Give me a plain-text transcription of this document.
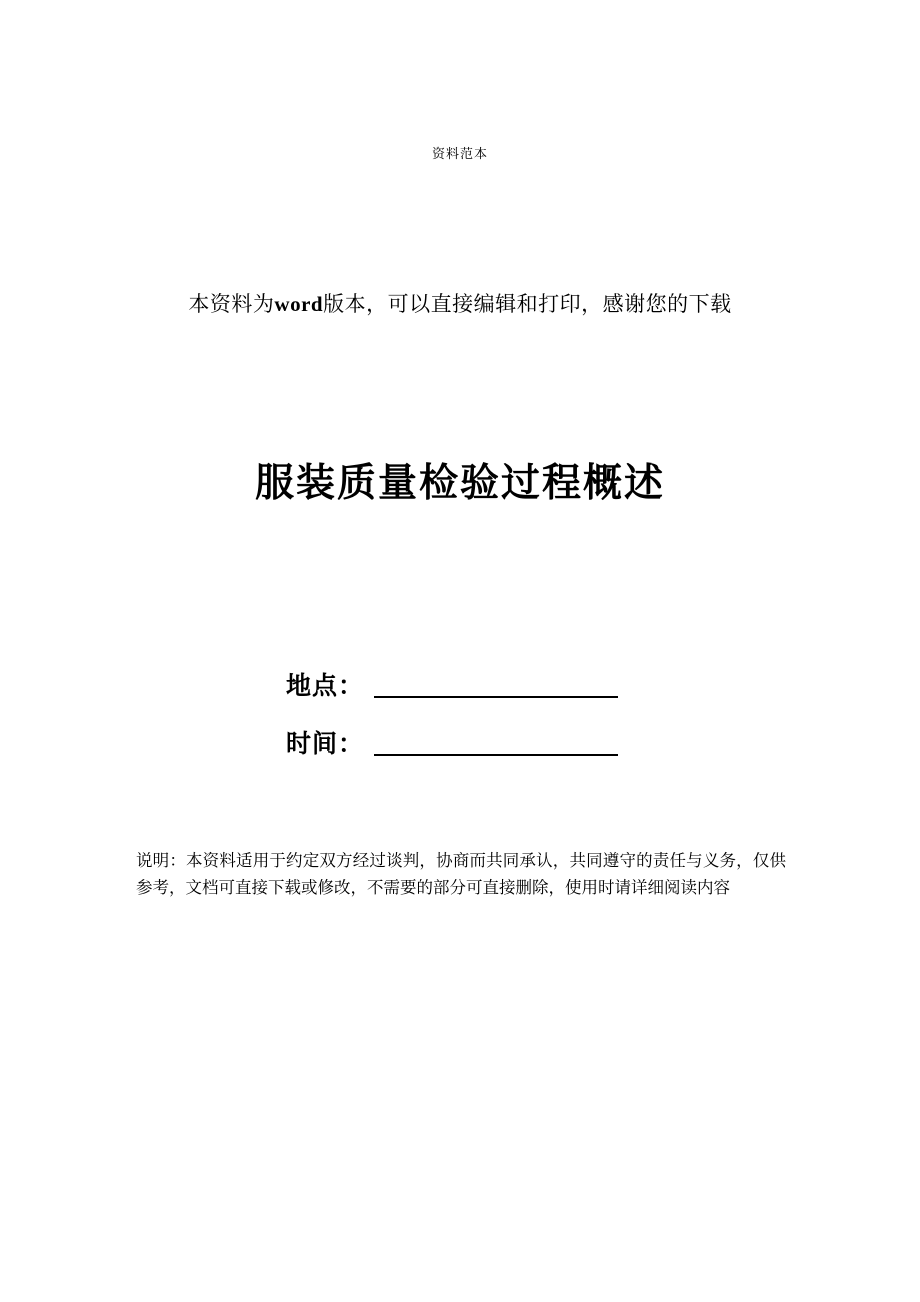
资料范本
本资料为word版本，可以直接编辑和打印，感谢您的下载
服装质量检验过程概述
地点：
时间：
说明：本资料适用于约定双方经过谈判，协商而共同承认，共同遵守的责任与义务，仅供参考，文档可直接下载或修改，不需要的部分可直接删除，使用时请详细阅读内容
